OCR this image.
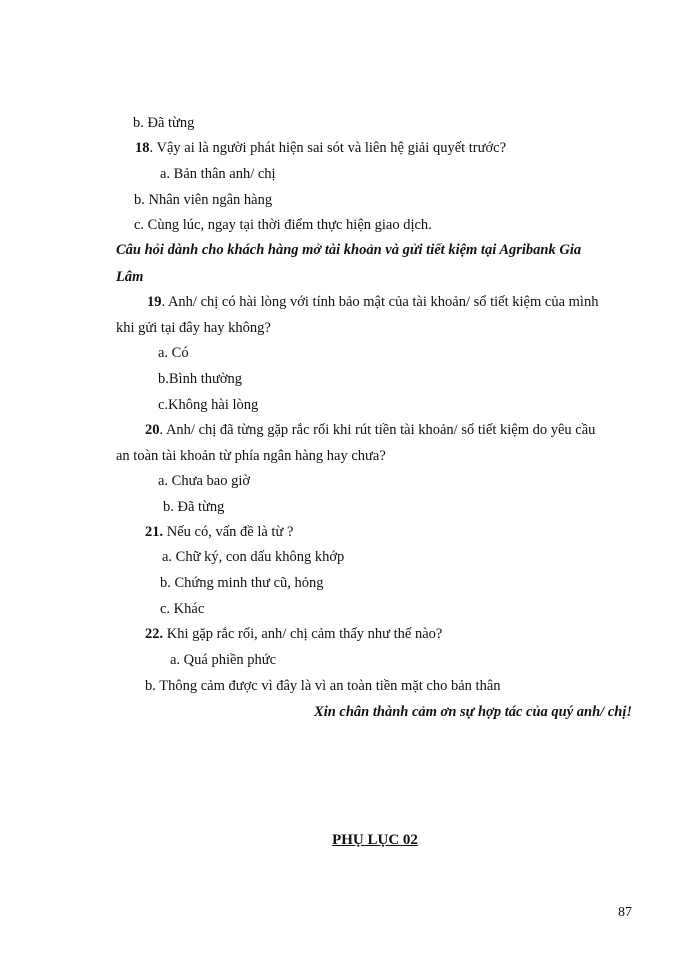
b. Đã từng
18. Vậy ai là người phát hiện sai sót và liên hệ giải quyết trước?
a. Bản thân anh/ chị
b. Nhân viên ngân hàng
c. Cùng lúc, ngay tại thời điểm thực hiện giao dịch.
Câu hỏi dành cho khách hàng mở tài khoản và gửi tiết kiệm tại Agribank Gia
Lâm
19. Anh/ chị có hài lòng với tính bảo mật của tài khoản/ sổ tiết kiệm của mình
khi gửi tại đây hay không?
a. Có
b.Bình thường
c.Không hài lòng
20. Anh/ chị đã từng gặp rắc rối khi rút tiền tài khoản/ sổ tiết kiệm do yêu cầu
an toàn tài khoản từ phía ngân hàng hay chưa?
a. Chưa bao giờ
b. Đã từng
21. Nếu có, vấn đề là từ ?
a. Chữ ký, con dấu không khớp
b. Chứng minh thư cũ, hỏng
c. Khác
22. Khi gặp rắc rối, anh/ chị cảm thấy như thế nào?
a. Quá phiền phức
b. Thông cảm được vì đây là vì an toàn tiền mặt cho bản thân
Xin chân thành cảm ơn sự hợp tác của quý anh/ chị!
PHỤ LỤC 02
87
